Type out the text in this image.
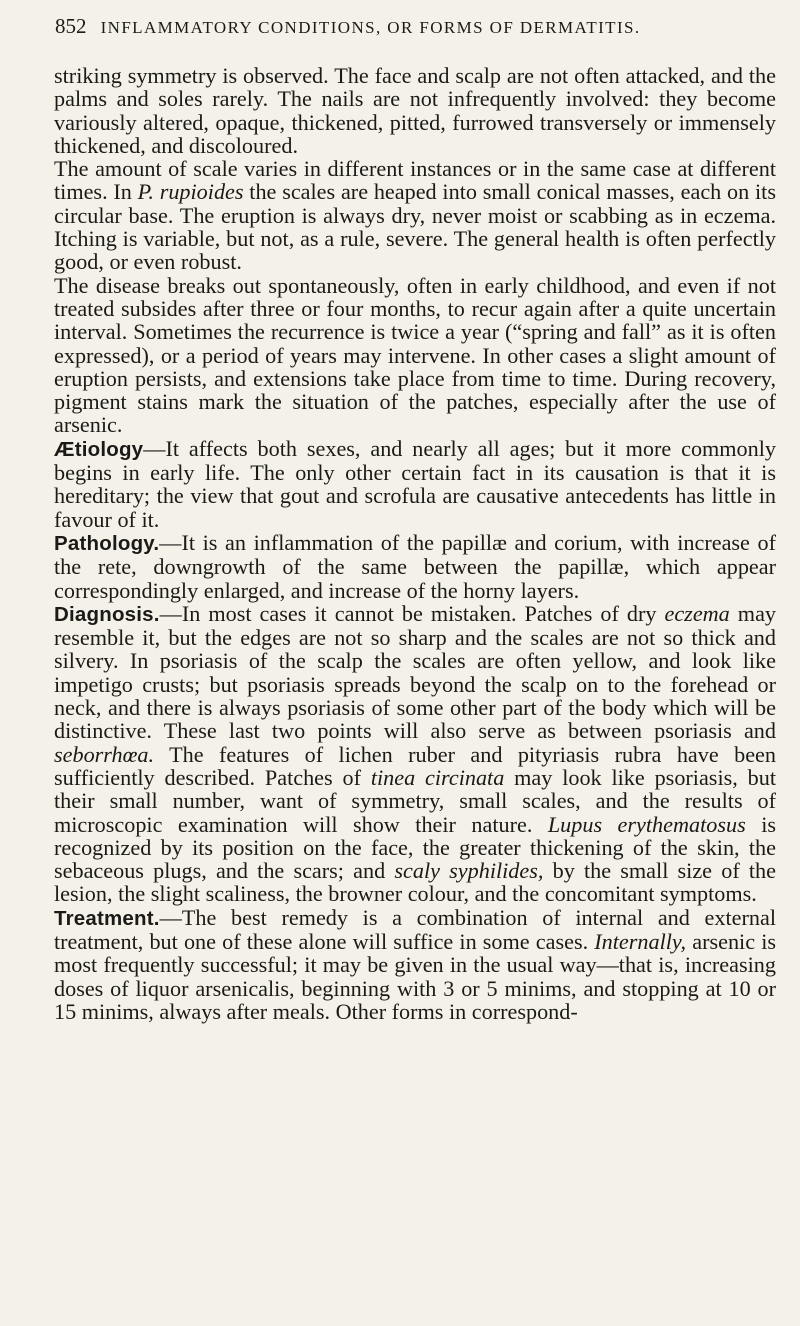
852 INFLAMMATORY CONDITIONS, OR FORMS OF DERMATITIS.

striking symmetry is observed. The face and scalp are not often attacked, and the palms and soles rarely. The nails are not infrequently involved: they become variously altered, opaque, thickened, pitted, furrowed transversely or immensely thickened, and discoloured.

The amount of scale varies in different instances or in the same case at different times. In P. rupioides the scales are heaped into small conical masses, each on its circular base. The eruption is always dry, never moist or scabbing as in eczema. Itching is variable, but not, as a rule, severe. The general health is often perfectly good, or even robust.

The disease breaks out spontaneously, often in early childhood, and even if not treated subsides after three or four months, to recur again after a quite uncertain interval. Sometimes the recurrence is twice a year (“spring and fall” as it is often expressed), or a period of years may intervene. In other cases a slight amount of eruption persists, and extensions take place from time to time. During recovery, pigment stains mark the situation of the patches, especially after the use of arsenic.

Ætiology—It affects both sexes, and nearly all ages; but it more commonly begins in early life. The only other certain fact in its causation is that it is hereditary; the view that gout and scrofula are causative antecedents has little in favour of it.

Pathology.—It is an inflammation of the papillæ and corium, with increase of the rete, downgrowth of the same between the papillæ, which appear correspondingly enlarged, and increase of the horny layers.

Diagnosis.—In most cases it cannot be mistaken. Patches of dry eczema may resemble it, but the edges are not so sharp and the scales are not so thick and silvery. In psoriasis of the scalp the scales are often yellow, and look like impetigo crusts; but psoriasis spreads beyond the scalp on to the forehead or neck, and there is always psoriasis of some other part of the body which will be distinctive. These last two points will also serve as between psoriasis and seborrhœa. The features of lichen ruber and pityriasis rubra have been sufficiently described. Patches of tinea circinata may look like psoriasis, but their small number, want of symmetry, small scales, and the results of microscopic examination will show their nature. Lupus erythematosus is recognized by its position on the face, the greater thickening of the skin, the sebaceous plugs, and the scars; and scaly syphilides, by the small size of the lesion, the slight scaliness, the browner colour, and the concomitant symptoms.

Treatment.—The best remedy is a combination of internal and external treatment, but one of these alone will suffice in some cases. Internally, arsenic is most frequently successful; it may be given in the usual way—that is, increasing doses of liquor arsenicalis, beginning with 3 or 5 minims, and stopping at 10 or 15 minims, always after meals. Other forms in correspond-
